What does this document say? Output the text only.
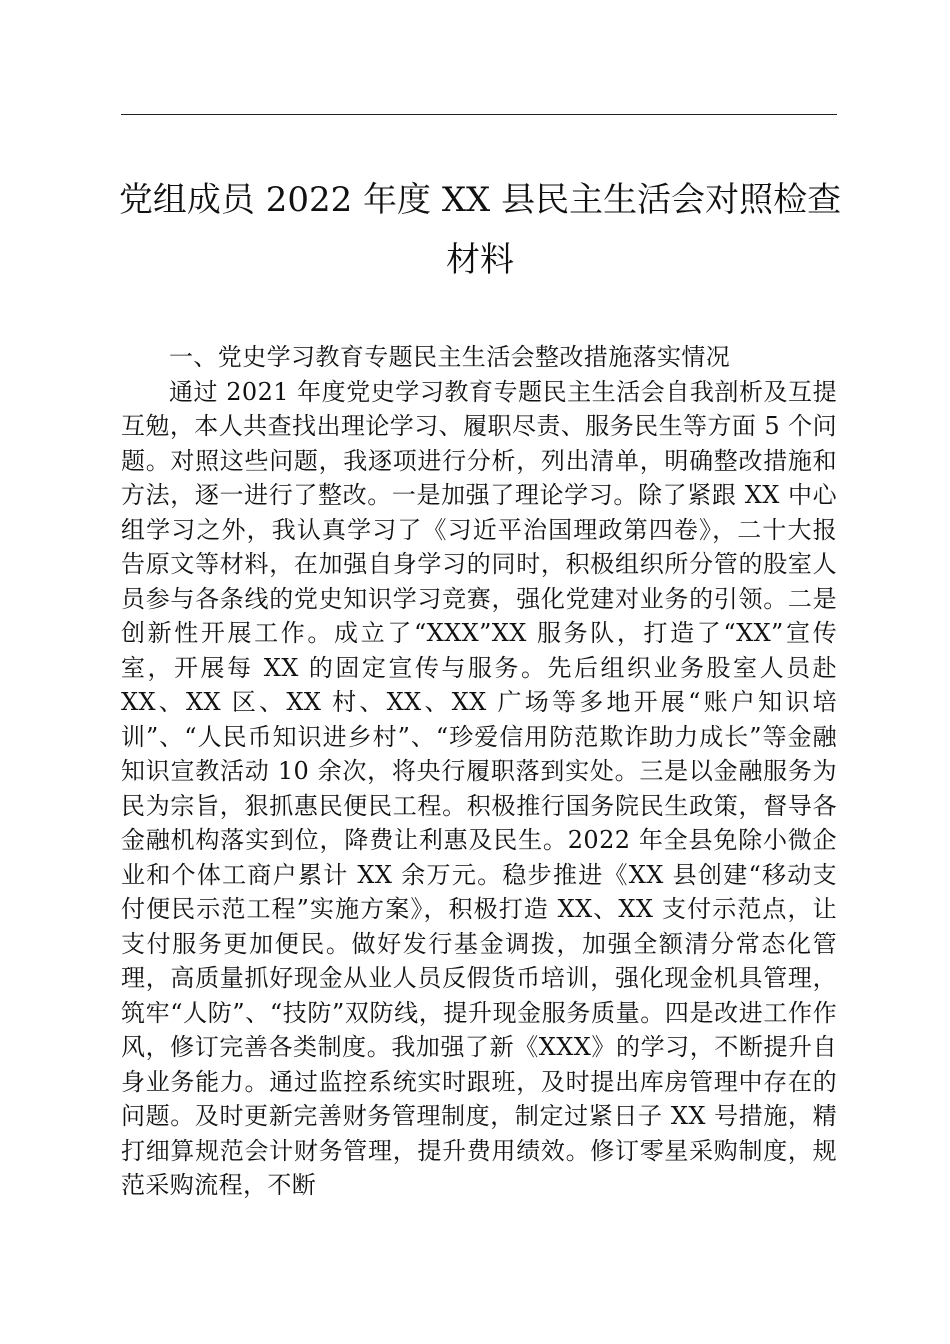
党组成员 2022 年度 XX 县民主生活会对照检查
材料

一、党史学习教育专题民主生活会整改措施落实情况

通过 2021 年度党史学习教育专题民主生活会自我剖析及互提互勉，本人共查找出理论学习、履职尽责、服务民生等方面 5 个问题。对照这些问题，我逐项进行分析，列出清单，明确整改措施和方法，逐一进行了整改。一是加强了理论学习。除了紧跟 XX 中心组学习之外，我认真学习了《习近平治国理政第四卷》，二十大报告原文等材料，在加强自身学习的同时，积极组织所分管的股室人员参与各条线的党史知识学习竞赛，强化党建对业务的引领。二是创新性开展工作。成立了“XXX”XX 服务队，打造了“XX”宣传室，开展每 XX 的固定宣传与服务。先后组织业务股室人员赴 XX、XX 区、XX 村、XX、XX 广场等多地开展“账户知识培训”、“人民币知识进乡村”、“珍爱信用防范欺诈助力成长”等金融知识宣教活动 10 余次，将央行履职落到实处。三是以金融服务为民为宗旨，狠抓惠民便民工程。积极推行国务院民生政策，督导各金融机构落实到位，降费让利惠及民生。2022 年全县免除小微企业和个体工商户累计 XX 余万元。稳步推进《XX 县创建“移动支付便民示范工程”实施方案》，积极打造 XX、XX 支付示范点，让支付服务更加便民。做好发行基金调拨，加强全额清分常态化管理，高质量抓好现金从业人员反假货币培训，强化现金机具管理，筑牢“人防”、“技防”双防线，提升现金服务质量。四是改进工作作风，修订完善各类制度。我加强了新《XXX》的学习，不断提升自身业务能力。通过监控系统实时跟班，及时提出库房管理中存在的问题。及时更新完善财务管理制度，制定过紧日子 XX 号措施，精打细算规范会计财务管理，提升费用绩效。修订零星采购制度，规范采购流程，不断
